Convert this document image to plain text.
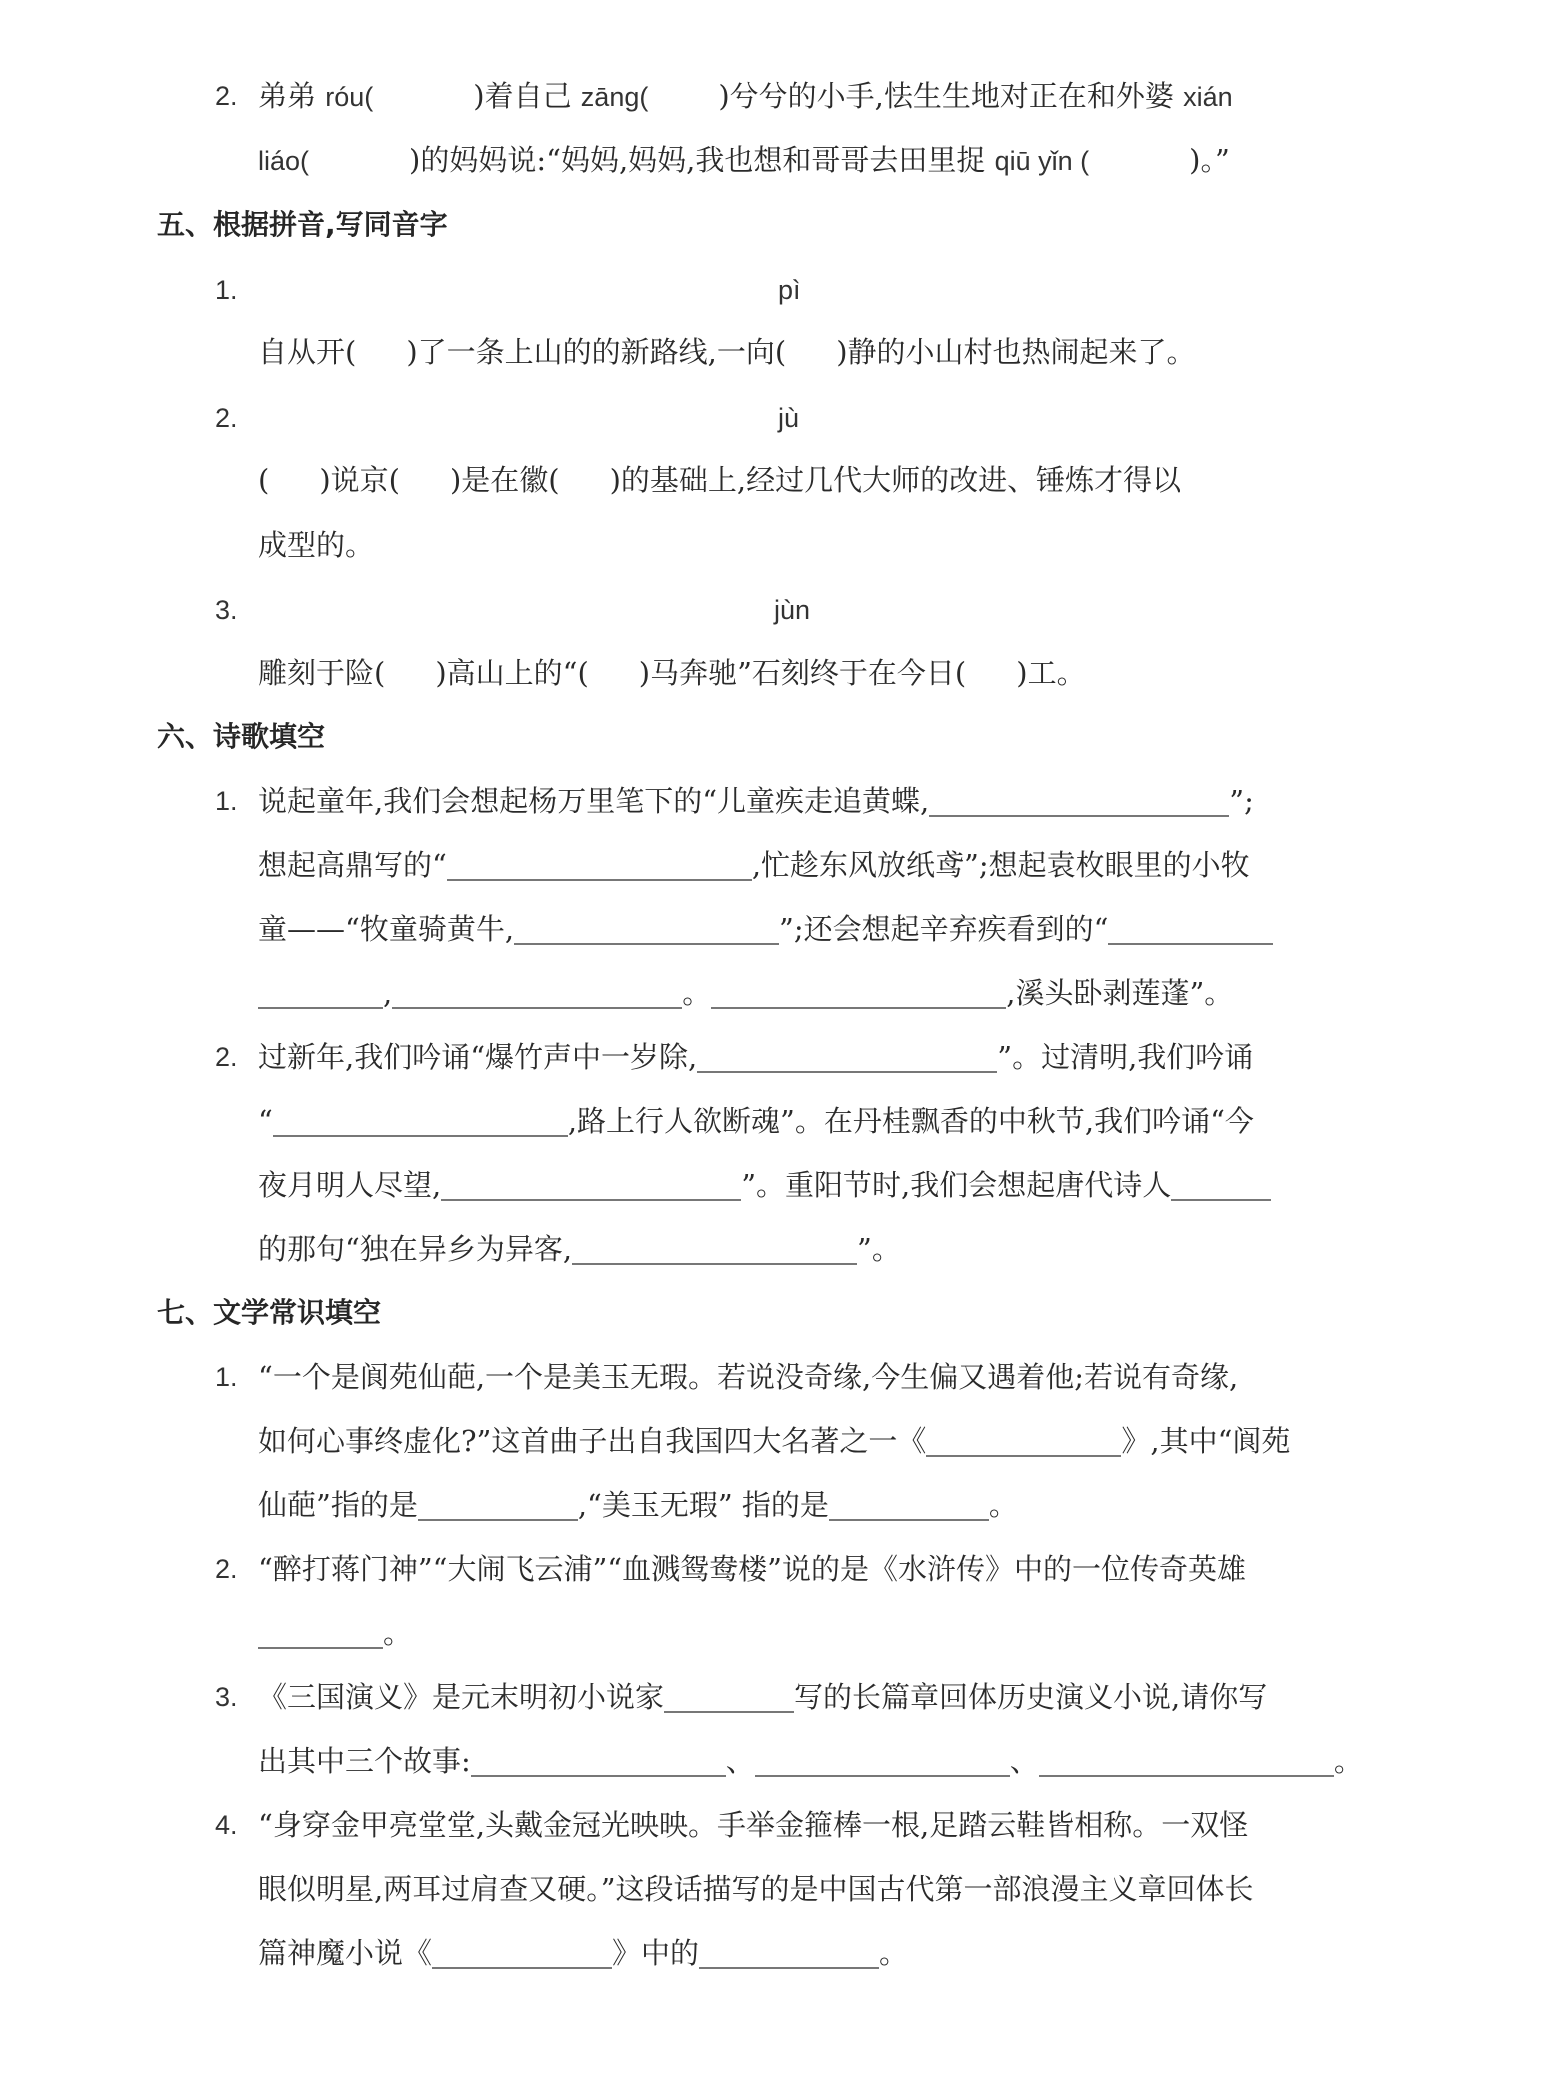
2. 弟弟 róu(	)着自己 zāng( )兮兮的小手,怯生生地对正在和外婆 xián
liáo(	)的妈妈说:“妈妈,妈妈,我也想和哥哥去田里捉 qiū yǐn (	)。”
五、根据拼音,写同音字
1.	pì
自从开( )了一条上山的的新路线,一向( )静的小山村也热闹起来了。
2.	jù
( )说京( )是在徽( )的基础上,经过几代大师的改进、锤炼才得以
成型的。
3.	jùn
雕刻于险( )高山上的“( )马奔驰”石刻终于在今日( )工。
六、诗歌填空
1. 说起童年,我们会想起杨万里笔下的“儿童疾走追黄蝶,	”;
想起高鼎写的“	,忙趁东风放纸鸢”;想起袁枚眼里的小牧
童——“牧童骑黄牛,	”;还会想起辛弃疾看到的“
,	。	,溪头卧剥莲蓬”。
2. 过新年,我们吟诵“爆竹声中一岁除,	”。过清明,我们吟诵
“	,路上行人欲断魂”。在丹桂飘香的中秋节,我们吟诵“今
夜月明人尽望,	”。重阳节时,我们会想起唐代诗人
的那句“独在异乡为异客,	”。
七、文学常识填空
1. “一个是阆苑仙葩,一个是美玉无瑕。若说没奇缘,今生偏又遇着他;若说有奇缘,
如何心事终虚化?”这首曲子出自我国四大名著之一《	》,其中“阆苑
仙葩”指的是	,“美玉无瑕” 指的是	。
2. “醉打蒋门神”“大闹飞云浦”“血溅鸳鸯楼”说的是《水浒传》中的一位传奇英雄
。
3. 《三国演义》是元末明初小说家	写的长篇章回体历史演义小说,请你写
出其中三个故事:	、	、	。
4. “身穿金甲亮堂堂,头戴金冠光映映。手举金箍棒一根,足踏云鞋皆相称。一双怪
眼似明星,两耳过肩查又硬。”这段话描写的是中国古代第一部浪漫主义章回体长
篇神魔小说《	》中的	。
